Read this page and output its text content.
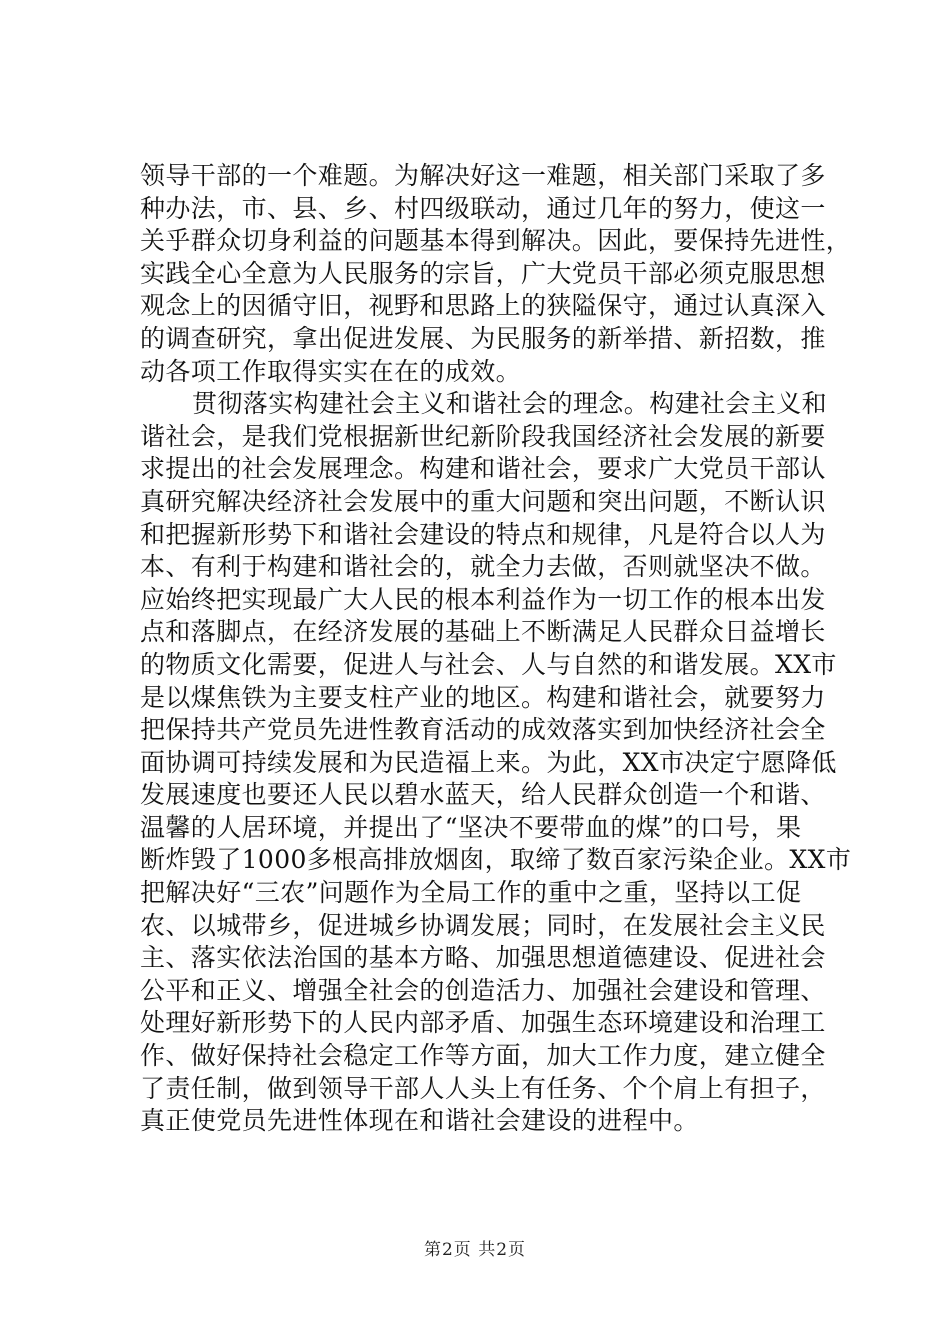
领导干部的一个难题。为解决好这一难题，相关部门采取了多
种办法，市、县、乡、村四级联动，通过几年的努力，使这一
关乎群众切身利益的问题基本得到解决。因此，要保持先进性，
实践全心全意为人民服务的宗旨，广大党员干部必须克服思想
观念上的因循守旧，视野和思路上的狭隘保守，通过认真深入
的调查研究，拿出促进发展、为民服务的新举措、新招数，推
动各项工作取得实实在在的成效。

贯彻落实构建社会主义和谐社会的理念。构建社会主义和
谐社会，是我们党根据新世纪新阶段我国经济社会发展的新要
求提出的社会发展理念。构建和谐社会，要求广大党员干部认
真研究解决经济社会发展中的重大问题和突出问题，不断认识
和把握新形势下和谐社会建设的特点和规律，凡是符合以人为
本、有利于构建和谐社会的，就全力去做，否则就坚决不做。
应始终把实现最广大人民的根本利益作为一切工作的根本出发
点和落脚点，在经济发展的基础上不断满足人民群众日益增长
的物质文化需要，促进人与社会、人与自然的和谐发展。XX市
是以煤焦铁为主要支柱产业的地区。构建和谐社会，就要努力
把保持共产党员先进性教育活动的成效落实到加快经济社会全
面协调可持续发展和为民造福上来。为此，XX市决定宁愿降低
发展速度也要还人民以碧水蓝天，给人民群众创造一个和谐、
温馨的人居环境，并提出了“坚决不要带血的煤”的口号，果
断炸毁了1000多根高排放烟囱，取缔了数百家污染企业。XX市
把解决好“三农”问题作为全局工作的重中之重，坚持以工促
农、以城带乡，促进城乡协调发展；同时，在发展社会主义民
主、落实依法治国的基本方略、加强思想道德建设、促进社会
公平和正义、增强全社会的创造活力、加强社会建设和管理、
处理好新形势下的人民内部矛盾、加强生态环境建设和治理工
作、做好保持社会稳定工作等方面，加大工作力度，建立健全
了责任制，做到领导干部人人头上有任务、个个肩上有担子，
真正使党员先进性体现在和谐社会建设的进程中。

第2页 共2页
